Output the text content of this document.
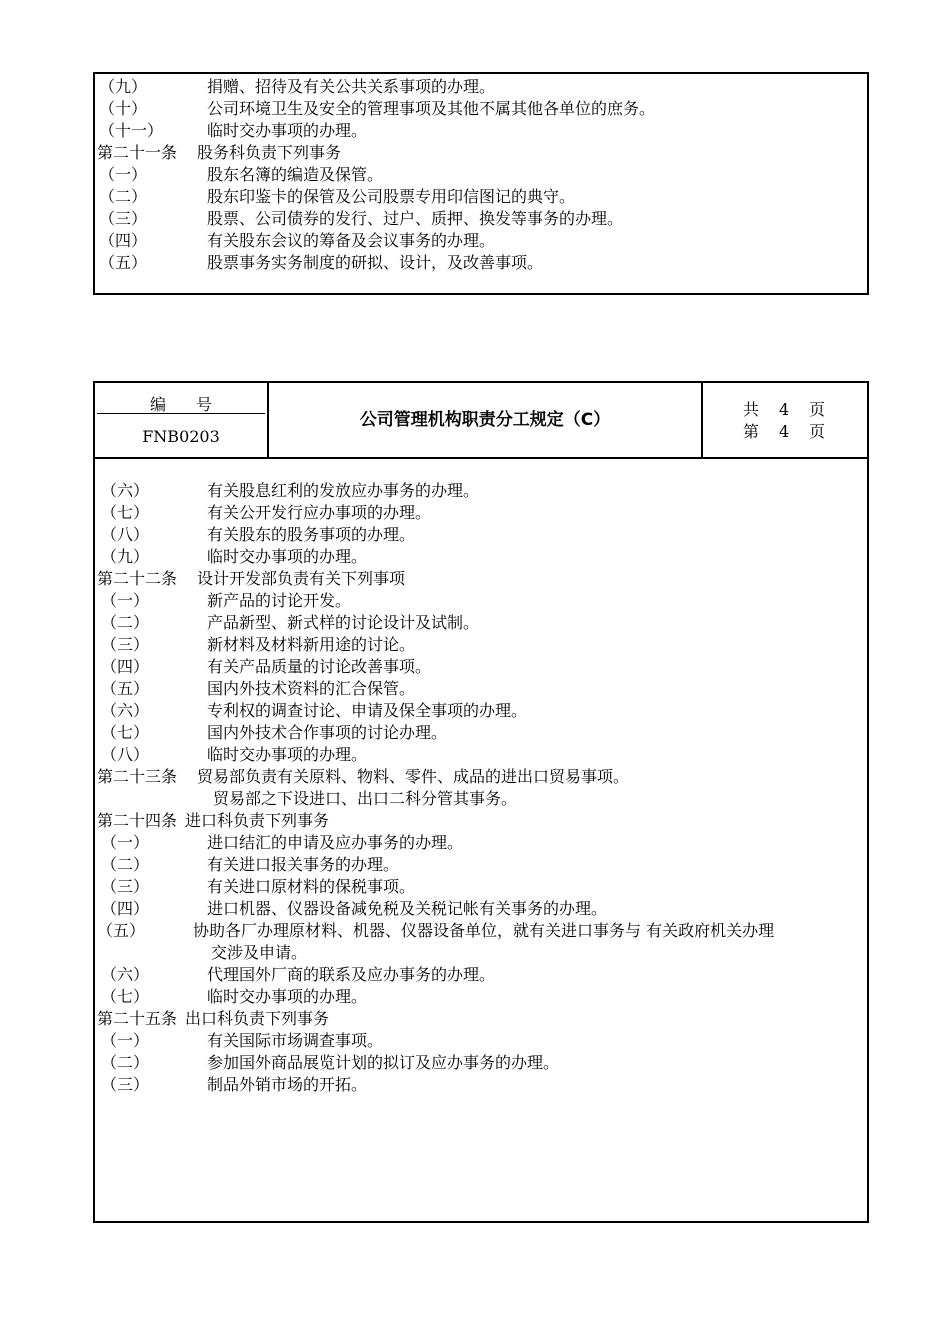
（九）	捐赠、招待及有关公共关系事项的办理。
（十）	公司环境卫生及安全的管理事项及其他不属其他各单位的庶务。
（十一）	临时交办事项的办理。
第二十一条 股务科负责下列事务
（一）	股东名簿的编造及保管。
（二）	股东印鉴卡的保管及公司股票专用印信图记的典守。
（三）	股票、公司债券的发行、过户、质押、换发等事务的办理。
（四）	有关股东会议的筹备及会议事务的办理。
（五）	股票事务实务制度的研拟、设计，及改善事项。
编号
FNB0203
公司管理机构职责分工规定（C）
共 4 页
第 4 页
（六）	有关股息红利的发放应办事务的办理。
（七）	有关公开发行应办事项的办理。
（八）	有关股东的股务事项的办理。
（九）	临时交办事项的办理。
第二十二条 设计开发部负责有关下列事项
（一）	新产品的讨论开发。
（二）	产品新型、新式样的讨论设计及试制。
（三）	新材料及材料新用途的讨论。
（四）	有关产品质量的讨论改善事项。
（五）	国内外技术资料的汇合保管。
（六）	专利权的调查讨论、申请及保全事项的办理。
（七）	国内外技术合作事项的讨论办理。
（八）	临时交办事项的办理。
第二十三条 贸易部负责有关原料、物料、零件、成品的进出口贸易事项。
贸易部之下设进口、出口二科分管其事务。
第二十四条 进口科负责下列事务
（一）	进口结汇的申请及应办事务的办理。
（二）	有关进口报关事务的办理。
（三）	有关进口原材料的保税事项。
（四）	进口机器、仪器设备减免税及关税记帐有关事务的办理。
（五）	协助各厂办理原材料、机器、仪器设备单位，就有关进口事务与 有关政府机关办理
交涉及申请。
（六）	代理国外厂商的联系及应办事务的办理。
（七）	临时交办事项的办理。
第二十五条 出口科负责下列事务
（一）	有关国际市场调查事项。
（二）	参加国外商品展览计划的拟订及应办事务的办理。
（三）	制品外销市场的开拓。
